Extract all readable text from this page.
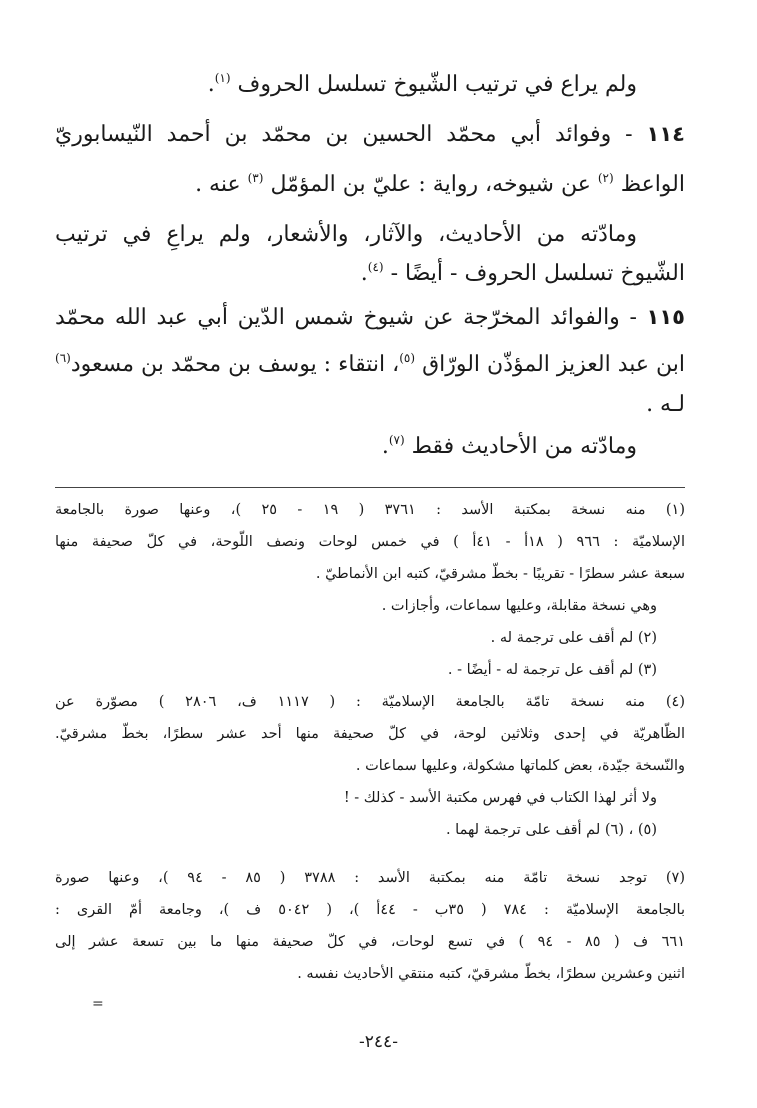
ولم يراع في ترتيب الشّيوخ تسلسل الحروف $^{(١)}$.
١١٤ - وفوائد أبي محمّد الحسين بن محمّد بن أحمد النّيسابوريّ
الواعظ $^{(٢)}$ عن شيوخه، رواية : عليّ بن المؤمّل $^{(٣)}$ عنه .
ومادّته من الأحاديث، والآثار، والأشعار، ولم يراعِ في ترتيب
الشّيوخ تسلسل الحروف - أيضًا - $^{(٤)}$.
١١٥ - والفوائد المخرّجة عن شيوخ شمس الدّين أبي عبد الله محمّد
ابن عبد العزيز المؤذّن الورّاق $^{(٥)}$، انتقاء : يوسف بن محمّد بن مسعود$^{(٦)}$
لـه .
ومادّته من الأحاديث فقط $^{(٧)}$.
(١) منه نسخة بمكتبة الأسد : ٣٧٦١ ( ١٩ - ٢٥ )، وعنها صورة بالجامعة
الإسلاميّة : ٩٦٦ ( ١٨أ - ٤١أ ) في خمس لوحات ونصف اللّوحة، في كلّ صحيفة منها
سبعة عشر سطرًا - تقريبًا - بخطّ مشرقيّ، كتبه ابن الأنماطيّ .
وهي نسخة مقابلة، وعليها سماعات، وأجازات .
(٢) لم أقف على ترجمة له .
(٣) لم أقف عل ترجمة له - أيضًا - .
(٤) منه نسخة تامّة بالجامعة الإسلاميّة : ( ١١١٧ ف، ٢٨٠٦ ) مصوّرة عن
الظّاهريّة في إحدى وثلاثين لوحة، في كلّ صحيفة منها أحد عشر سطرًا، بخطّ مشرقيّ.
والنّسخة جيّدة، بعض كلماتها مشكولة، وعليها سماعات .
ولا أثر لهذا الكتاب في فهرس مكتبة الأسد - كذلك - !
(٥) ، (٦) لم أقف على ترجمة لهما .
(٧) توجد نسخة تامّة منه بمكتبة الأسد : ٣٧٨٨ ( ٨٥ - ٩٤ )، وعنها صورة
بالجامعة الإسلاميّة : ٧٨٤ ( ٣٥ب - ٤٤أ )، ( ٥٠٤٢ ف )، وجامعة أمّ القرى :
٦٦١ ف ( ٨٥ - ٩٤ ) في تسع لوحات، في كلّ صحيفة منها ما بين تسعة عشر إلى
اثنين وعشرين سطرًا، بخطّ مشرقيّ، كتبه منتقي الأحاديث نفسه .
=
-٢٤٤-
